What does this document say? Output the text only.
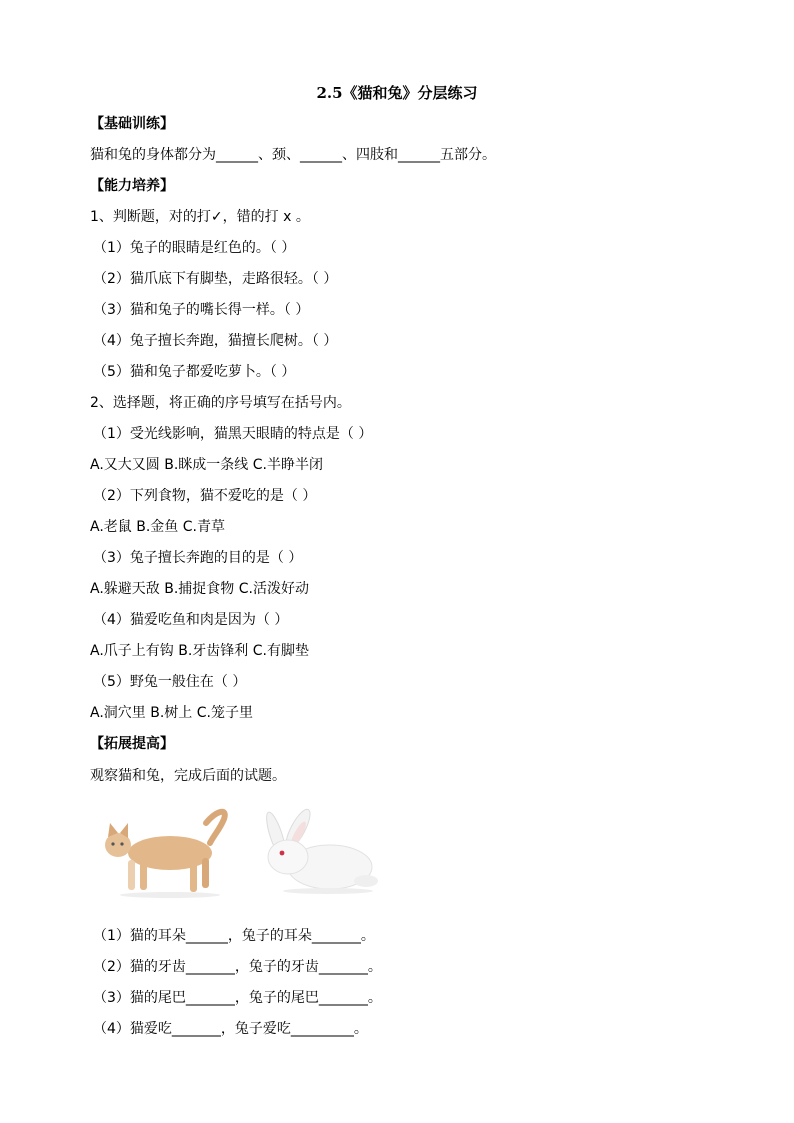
2.5《猫和兔》分层练习
【基础训练】
猫和兔的身体都分为______、颈、______、四肢和______五部分。
【能力培养】
1、判断题，对的打✓，错的打 x 。
（1）兔子的眼睛是红色的。（ ）
（2）猫爪底下有脚垫，走路很轻。（ ）
（3）猫和兔子的嘴长得一样。（ ）
（4）兔子擅长奔跑，猫擅长爬树。（ ）
（5）猫和兔子都爱吃萝卜。（ ）
2、选择题，将正确的序号填写在括号内。
（1）受光线影响，猫黑天眼睛的特点是（ ）
A.又大又圆 B.眯成一条线 C.半睁半闭
（2）下列食物，猫不爱吃的是（ ）
A.老鼠 B.金鱼 C.青草
（3）兔子擅长奔跑的目的是（ ）
A.躲避天敌 B.捕捉食物 C.活泼好动
（4）猫爱吃鱼和肉是因为（ ）
A.爪子上有钩 B.牙齿锋利 C.有脚垫
（5）野兔一般住在（ ）
A.洞穴里 B.树上 C.笼子里
【拓展提高】
观察猫和兔，完成后面的试题。
（1）猫的耳朵______，兔子的耳朵_______。
（2）猫的牙齿_______，兔子的牙齿_______。
（3）猫的尾巴_______，兔子的尾巴_______。
（4）猫爱吃_______，兔子爱吃_________。
